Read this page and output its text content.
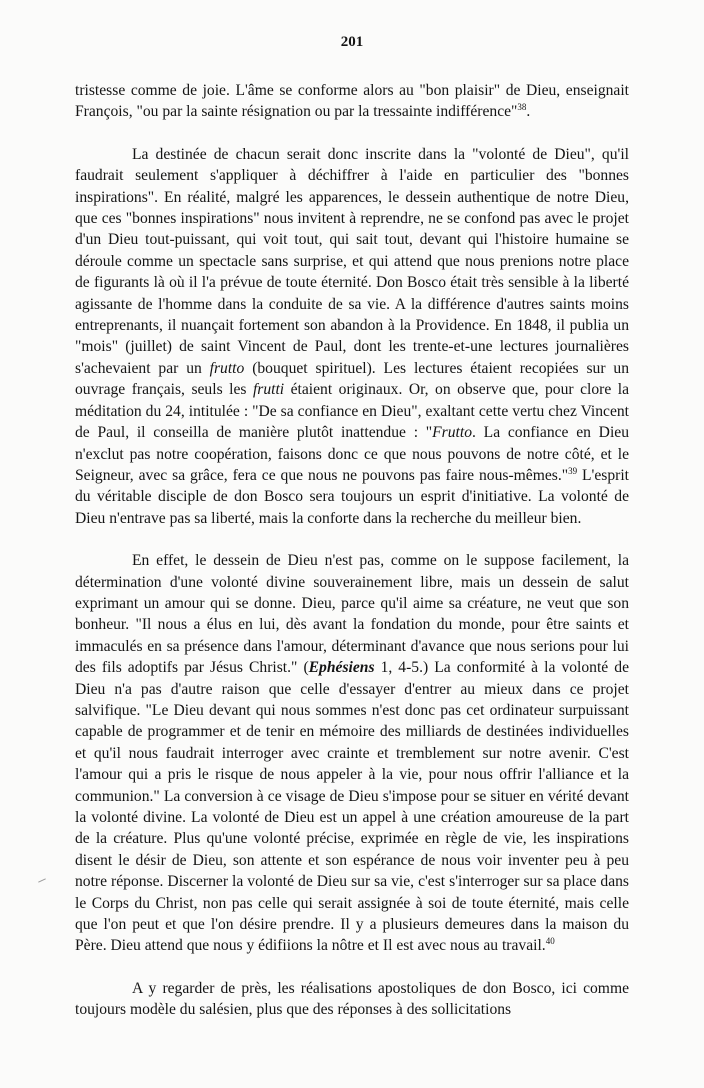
201

tristesse comme de joie. L'âme se conforme alors au "bon plaisir" de Dieu, enseignait François, "ou par la sainte résignation ou par la tressainte indifférence"$^{38}$.

La destinée de chacun serait donc inscrite dans la "volonté de Dieu", qu'il faudrait seulement s'appliquer à déchiffrer à l'aide en particulier des "bonnes inspirations". En réalité, malgré les apparences, le dessein authentique de notre Dieu, que ces "bonnes inspirations" nous invitent à reprendre, ne se confond pas avec le projet d'un Dieu tout-puissant, qui voit tout, qui sait tout, devant qui l'histoire humaine se déroule comme un spectacle sans surprise, et qui attend que nous prenions notre place de figurants là où il l'a prévue de toute éternité. Don Bosco était très sensible à la liberté agissante de l'homme dans la conduite de sa vie. A la différence d'autres saints moins entreprenants, il nuançait fortement son abandon à la Providence. En 1848, il publia un "mois" (juillet) de saint Vincent de Paul, dont les trente-et-une lectures journalières s'achevaient par un frutto (bouquet spirituel). Les lectures étaient recopiées sur un ouvrage français, seuls les frutti étaient originaux. Or, on observe que, pour clore la méditation du 24, intitulée : "De sa confiance en Dieu", exaltant cette vertu chez Vincent de Paul, il conseilla de manière plutôt inattendue : "Frutto. La confiance en Dieu n'exclut pas notre coopération, faisons donc ce que nous pouvons de notre côté, et le Seigneur, avec sa grâce, fera ce que nous ne pouvons pas faire nous-mêmes."$^{39}$ L'esprit du véritable disciple de don Bosco sera toujours un esprit d'initiative. La volonté de Dieu n'entrave pas sa liberté, mais la conforte dans la recherche du meilleur bien.

En effet, le dessein de Dieu n'est pas, comme on le suppose facilement, la détermination d'une volonté divine souverainement libre, mais un dessein de salut exprimant un amour qui se donne. Dieu, parce qu'il aime sa créature, ne veut que son bonheur. "Il nous a élus en lui, dès avant la fondation du monde, pour être saints et immaculés en sa présence dans l'amour, déterminant d'avance que nous serions pour lui des fils adoptifs par Jésus Christ." (Ephésiens 1, 4-5.) La conformité à la volonté de Dieu n'a pas d'autre raison que celle d'essayer d'entrer au mieux dans ce projet salvifique. "Le Dieu devant qui nous sommes n'est donc pas cet ordinateur surpuissant capable de programmer et de tenir en mémoire des milliards de destinées individuelles et qu'il nous faudrait interroger avec crainte et tremblement sur notre avenir. C'est l'amour qui a pris le risque de nous appeler à la vie, pour nous offrir l'alliance et la communion." La conversion à ce visage de Dieu s'impose pour se situer en vérité devant la volonté divine. La volonté de Dieu est un appel à une création amoureuse de la part de la créature. Plus qu'une volonté précise, exprimée en règle de vie, les inspirations disent le désir de Dieu, son attente et son espérance de nous voir inventer peu à peu notre réponse. Discerner la volonté de Dieu sur sa vie, c'est s'interroger sur sa place dans le Corps du Christ, non pas celle qui serait assignée à soi de toute éternité, mais celle que l'on peut et que l'on désire prendre. Il y a plusieurs demeures dans la maison du Père. Dieu attend que nous y édifiions la nôtre et Il est avec nous au travail.$^{40}$

A y regarder de près, les réalisations apostoliques de don Bosco, ici comme toujours modèle du salésien, plus que des réponses à des sollicitations
